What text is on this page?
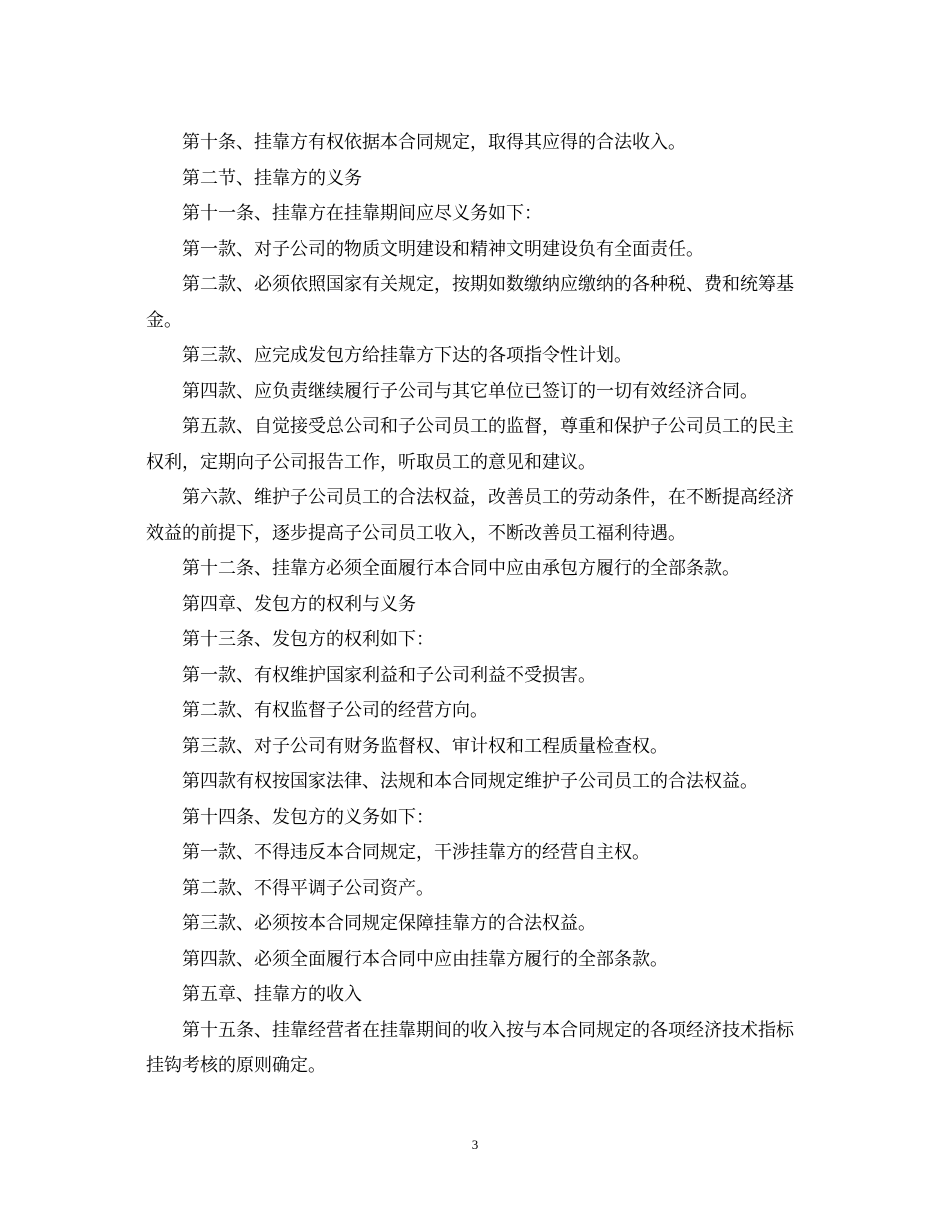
第十条、挂靠方有权依据本合同规定，取得其应得的合法收入。

第二节、挂靠方的义务

第十一条、挂靠方在挂靠期间应尽义务如下：

第一款、对子公司的物质文明建设和精神文明建设负有全面责任。

第二款、必须依照国家有关规定，按期如数缴纳应缴纳的各种税、费和统筹基金。

第三款、应完成发包方给挂靠方下达的各项指令性计划。

第四款、应负责继续履行子公司与其它单位已签订的一切有效经济合同。

第五款、自觉接受总公司和子公司员工的监督，尊重和保护子公司员工的民主权利，定期向子公司报告工作，听取员工的意见和建议。

第六款、维护子公司员工的合法权益，改善员工的劳动条件，在不断提高经济效益的前提下，逐步提高子公司员工收入，不断改善员工福利待遇。

第十二条、挂靠方必须全面履行本合同中应由承包方履行的全部条款。

第四章、发包方的权利与义务

第十三条、发包方的权利如下：

第一款、有权维护国家利益和子公司利益不受损害。

第二款、有权监督子公司的经营方向。

第三款、对子公司有财务监督权、审计权和工程质量检查权。

第四款有权按国家法律、法规和本合同规定维护子公司员工的合法权益。

第十四条、发包方的义务如下：

第一款、不得违反本合同规定，干涉挂靠方的经营自主权。

第二款、不得平调子公司资产。

第三款、必须按本合同规定保障挂靠方的合法权益。

第四款、必须全面履行本合同中应由挂靠方履行的全部条款。

第五章、挂靠方的收入

第十五条、挂靠经营者在挂靠期间的收入按与本合同规定的各项经济技术指标挂钩考核的原则确定。

3
